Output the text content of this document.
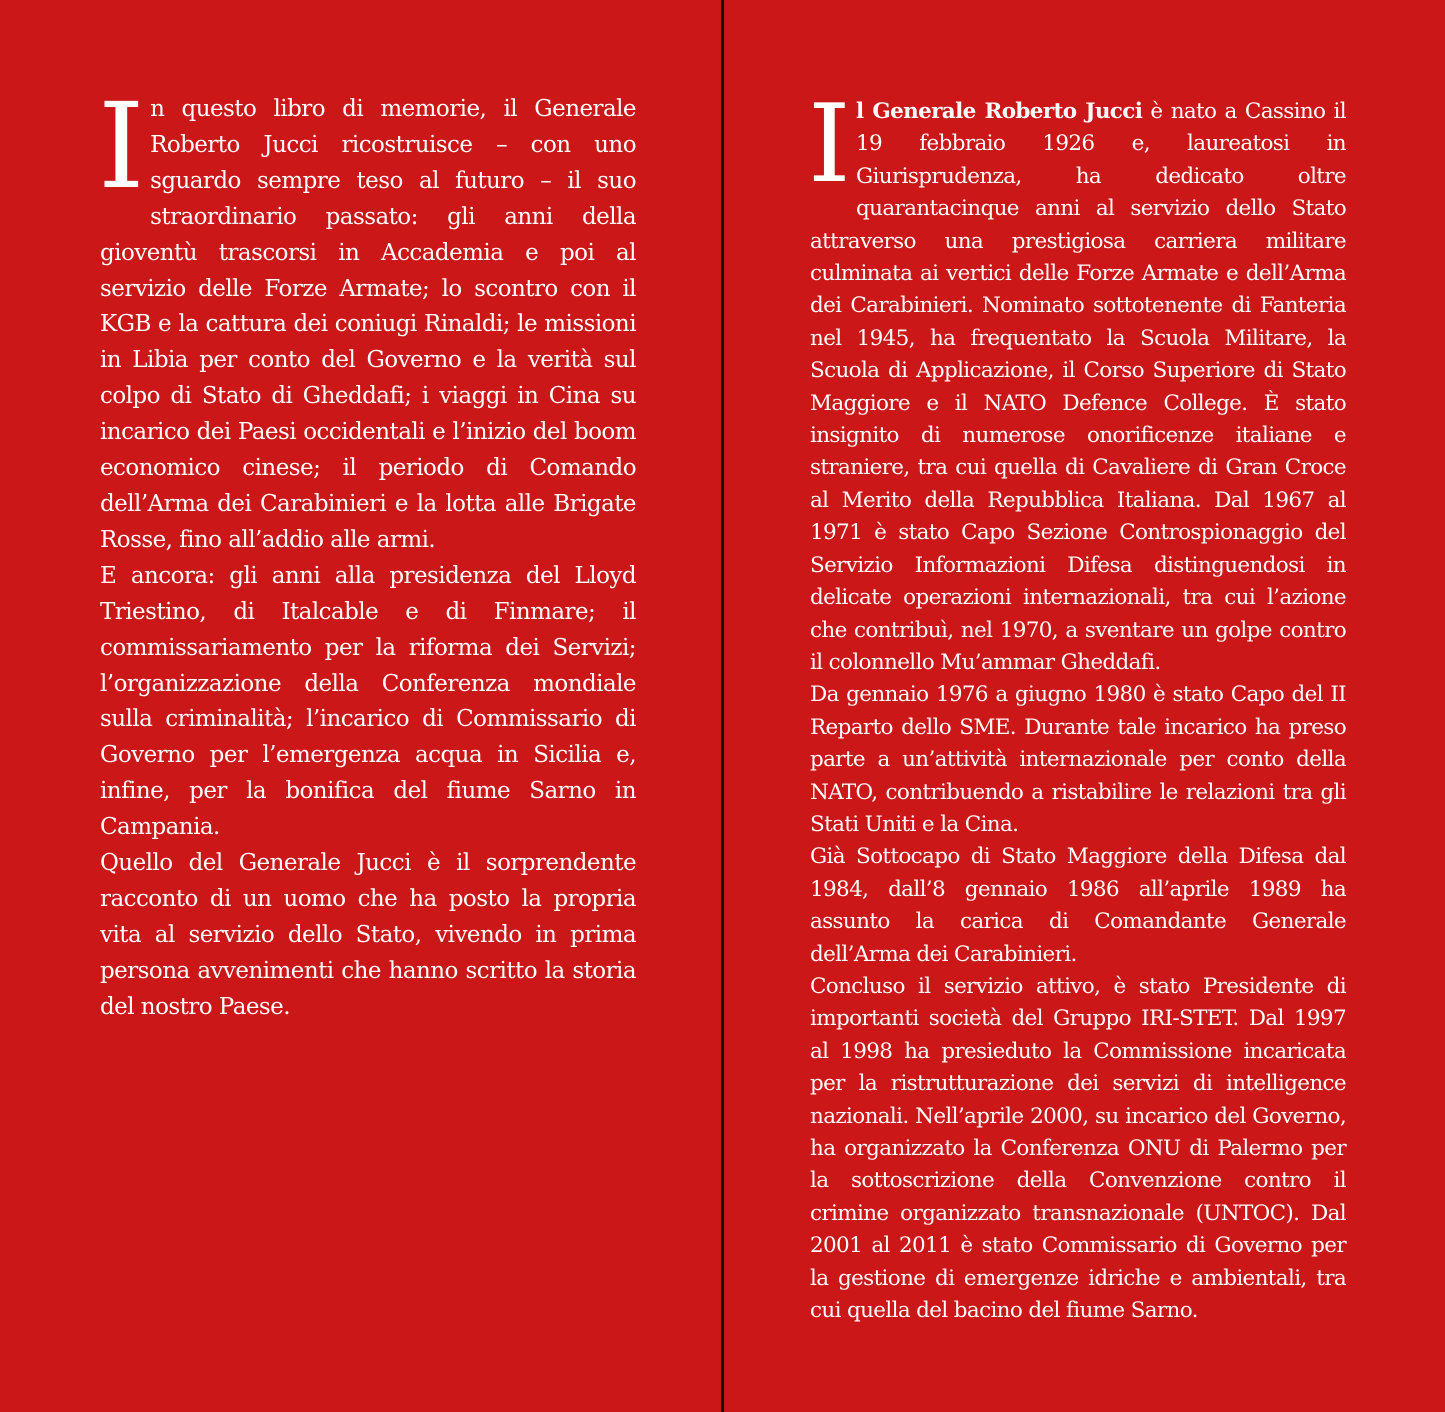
In questo libro di memorie, il Generale Roberto Jucci ricostruisce – con uno sguardo sempre teso al futuro – il suo straordinario passato: gli anni della gioventù trascorsi in Accademia e poi al servizio delle Forze Armate; lo scontro con il KGB e la cattura dei coniugi Rinaldi; le missioni in Libia per conto del Governo e la verità sul colpo di Stato di Gheddafi; i viaggi in Cina su incarico dei Paesi occidentali e l’inizio del boom economico cinese; il periodo di Comando dell’Arma dei Carabinieri e la lotta alle Brigate Rosse, fino all’addio alle armi.

E ancora: gli anni alla presidenza del Lloyd Triestino, di Italcable e di Finmare; il commissariamento per la riforma dei Servizi; l’organizzazione della Conferenza mondiale sulla criminalità; l’incarico di Commissario di Governo per l’emergenza acqua in Sicilia e, infine, per la bonifica del fiume Sarno in Campania.

Quello del Generale Jucci è il sorprendente racconto di un uomo che ha posto la propria vita al servizio dello Stato, vivendo in prima persona avvenimenti che hanno scritto la storia del nostro Paese.

Il Generale Roberto Jucci è nato a Cassino il 19 febbraio 1926 e, laureatosi in Giurisprudenza, ha dedicato oltre quarantacinque anni al servizio dello Stato attraverso una prestigiosa carriera militare culminata ai vertici delle Forze Armate e dell’Arma dei Carabinieri. Nominato sottotenente di Fanteria nel 1945, ha frequentato la Scuola Militare, la Scuola di Applicazione, il Corso Superiore di Stato Maggiore e il NATO Defence College. È stato insignito di numerose onorificenze italiane e straniere, tra cui quella di Cavaliere di Gran Croce al Merito della Repubblica Italiana. Dal 1967 al 1971 è stato Capo Sezione Controspionaggio del Servizio Informazioni Difesa distinguendosi in delicate operazioni internazionali, tra cui l’azione che contribuì, nel 1970, a sventare un golpe contro il colonnello Mu’ammar Gheddafi.

Da gennaio 1976 a giugno 1980 è stato Capo del II Reparto dello SME. Durante tale incarico ha preso parte a un’attività internazionale per conto della NATO, contribuendo a ristabilire le relazioni tra gli Stati Uniti e la Cina.

Già Sottocapo di Stato Maggiore della Difesa dal 1984, dall’8 gennaio 1986 all’aprile 1989 ha assunto la carica di Comandante Generale dell’Arma dei Carabinieri.

Concluso il servizio attivo, è stato Presidente di importanti società del Gruppo IRI-STET. Dal 1997 al 1998 ha presieduto la Commissione incaricata per la ristrutturazione dei servizi di intelligence nazionali. Nell’aprile 2000, su incarico del Governo, ha organizzato la Conferenza ONU di Palermo per la sottoscrizione della Convenzione contro il crimine organizzato transnazionale (UNTOC). Dal 2001 al 2011 è stato Commissario di Governo per la gestione di emergenze idriche e ambientali, tra cui quella del bacino del fiume Sarno.
